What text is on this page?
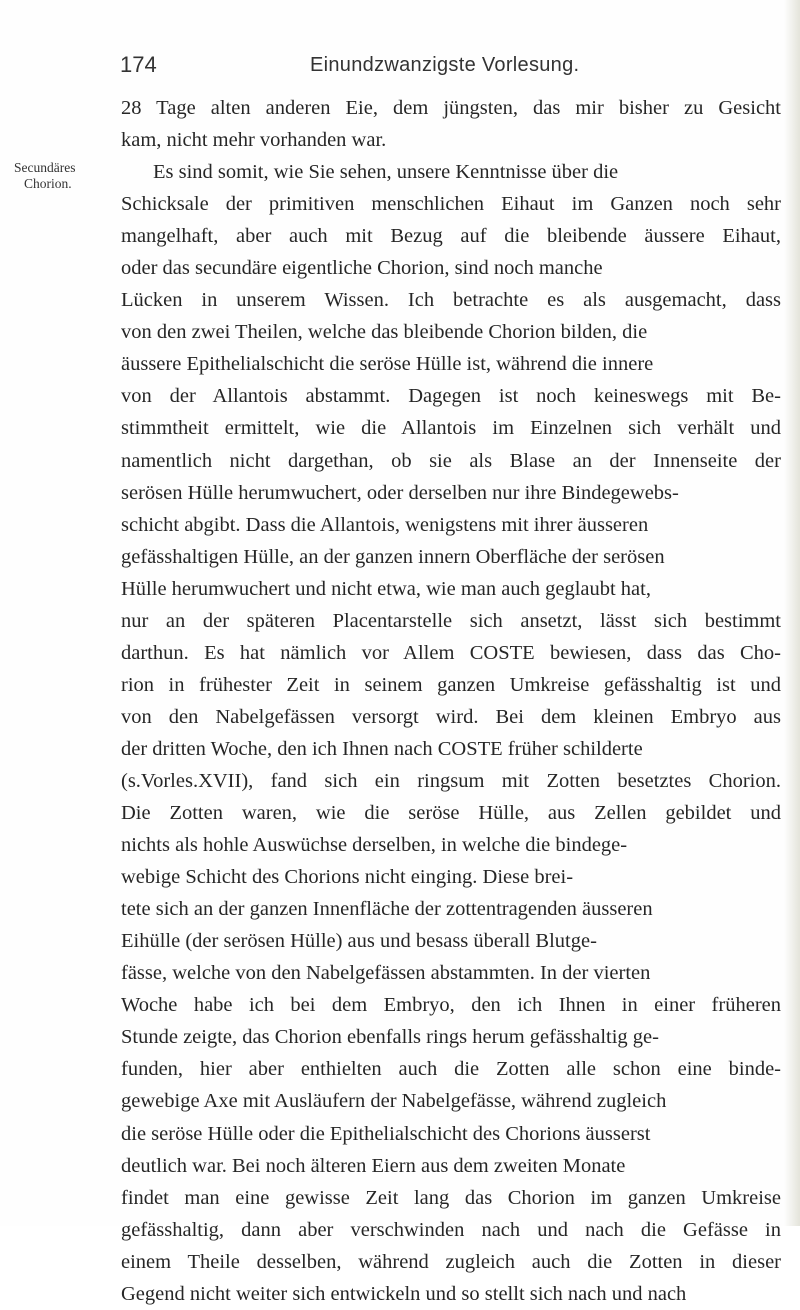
174	Einundzwanzigste Vorlesung.
Secundäres
Chorion.
28 Tage alten anderen Eie, dem jüngsten, das mir bisher zu Gesicht
kam, nicht mehr vorhanden war.
Es sind somit, wie Sie sehen, unsere Kenntnisse über die
Schicksale der primitiven menschlichen Eihaut im Ganzen noch sehr
mangelhaft, aber auch mit Bezug auf die bleibende äussere Eihaut,
oder das secundäre eigentliche Chorion, sind noch manche
Lücken in unserem Wissen. Ich betrachte es als ausgemacht, dass
von den zwei Theilen, welche das bleibende Chorion bilden, die
äussere Epithelialschicht die seröse Hülle ist, während die innere
von der Allantois abstammt. Dagegen ist noch keineswegs mit Be-
stimmtheit ermittelt, wie die Allantois im Einzelnen sich verhält und
namentlich nicht dargethan, ob sie als Blase an der Innenseite der
serösen Hülle herumwuchert, oder derselben nur ihre Bindegewebs-
schicht abgibt. Dass die Allantois, wenigstens mit ihrer äusseren
gefässhaltigen Hülle, an der ganzen innern Oberfläche der serösen
Hülle herumwuchert und nicht etwa, wie man auch geglaubt hat,
nur an der späteren Placentarstelle sich ansetzt, lässt sich bestimmt
darthun. Es hat nämlich vor Allem COSTE bewiesen, dass das Cho-
rion in frühester Zeit in seinem ganzen Umkreise gefässhaltig ist und
von den Nabelgefässen versorgt wird. Bei dem kleinen Embryo aus
der dritten Woche, den ich Ihnen nach COSTE früher schilderte
(s.Vorles.XVII), fand sich ein ringsum mit Zotten besetztes Chorion.
Die Zotten waren, wie die seröse Hülle, aus Zellen gebildet und
nichts als hohle Auswüchse derselben, in welche die bindege-
webige Schicht des Chorions nicht einging. Diese brei-
tete sich an der ganzen Innenfläche der zottentragenden äusseren
Eihülle (der serösen Hülle) aus und besass überall Blutge-
fässe, welche von den Nabelgefässen abstammten. In der vierten
Woche habe ich bei dem Embryo, den ich Ihnen in einer früheren
Stunde zeigte, das Chorion ebenfalls rings herum gefässhaltig ge-
funden, hier aber enthielten auch die Zotten alle schon eine binde-
gewebige Axe mit Ausläufern der Nabelgefässe, während zugleich
die seröse Hülle oder die Epithelialschicht des Chorions äusserst
deutlich war. Bei noch älteren Eiern aus dem zweiten Monate
findet man eine gewisse Zeit lang das Chorion im ganzen Umkreise
gefässhaltig, dann aber verschwinden nach und nach die Gefässe in
einem Theile desselben, während zugleich auch die Zotten in dieser
Gegend nicht weiter sich entwickeln und so stellt sich nach und nach
